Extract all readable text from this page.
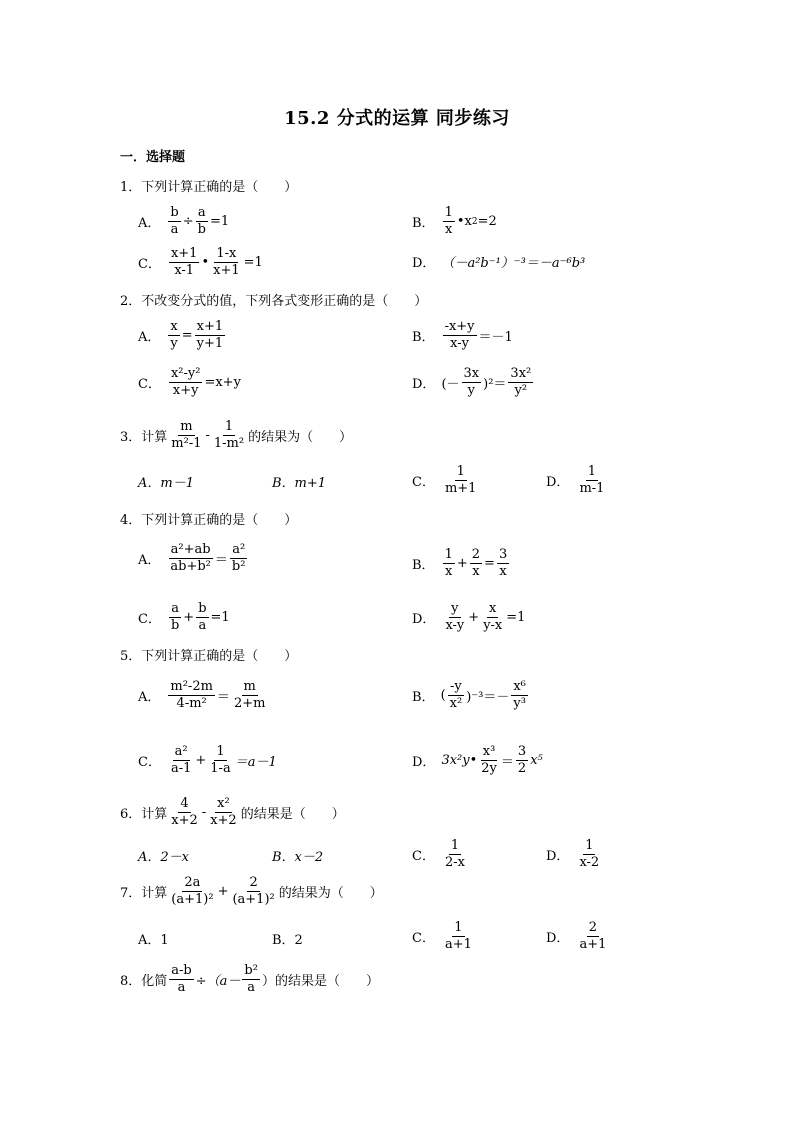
15.2 分式的运算 同步练习
一．选择题
1．下列计算正确的是（　　）
A． $\frac{b}{a} \div \frac{a}{b} =1$	B． $\frac{1}{x}$ •x 2 =2
C． $\frac{x+1}{x-1}$ • $\frac{1-x}{x+1} =1$	D． （－a²b⁻¹）⁻³＝－a⁻⁶b³
2．不改变分式的值，下列各式变形正确的是（　　）
A． $\frac{x}{y} = \frac{x+1}{y+1}$	B． $\frac{-x+y}{x-y} =-1$
C． $\frac{\text{x²-y²}}{x+y} =x+y$	D． (－ $\frac{3x}{y} )^2= \frac{\text{3x²}}{\text{y²}}$
3．计算 $\frac{m}{\text{m²-1}} - \frac{1}{\text{1-m²}}$ 的结果为（　　）
A．m－1	B．m+1	C． $\frac{1}{m+1}$	D． $\frac{1}{m-1}$
4．下列计算正确的是（　　）
A． $\frac{\text{a²+ab}}{\text{ab+b²}} = \frac{\text{a²}}{\text{b²}}$	B． $\frac{1}{x} + \frac{2}{x} = \frac{3}{x}$
C． $\frac{a}{b} + \frac{b}{a} =1$	D． $\frac{y}{x-y} + \frac{x}{y-x} =1$
5．下列计算正确的是（　　）
A． $\frac{\text{m²-2m}}{\text{4-m²}} = \frac{m}{2+m}$	B． ( $\frac{-y}{\text{x²}} )^{-3}=- \frac{\text{x⁶}}{\text{y³}}$
C． $\frac{\text{a²}}{a-1} + \frac{1}{1-a} =a-1$	D． 3x²y• $\frac{\text{x³}}{2y} = \frac{3}{2} x^5$
6．计算 $\frac{4}{x+2} - \frac{\text{x²}}{x+2}$ 的结果是（　　）
A．2－x	B．x－2	C． $\frac{1}{2-x}$	D． $\frac{1}{x-2}$
7．计算 $\frac{2a}{\text{(a+1)²}} + \frac{2}{\text{(a+1)²}}$ 的结果为（　　）
A．1	B．2	C． $\frac{1}{a+1}$	D． $\frac{2}{a+1}$
8．化简 $\frac{a-b}{a} \div(a- \frac{\text{b²}}{a}$ ）的结果是（　　）
